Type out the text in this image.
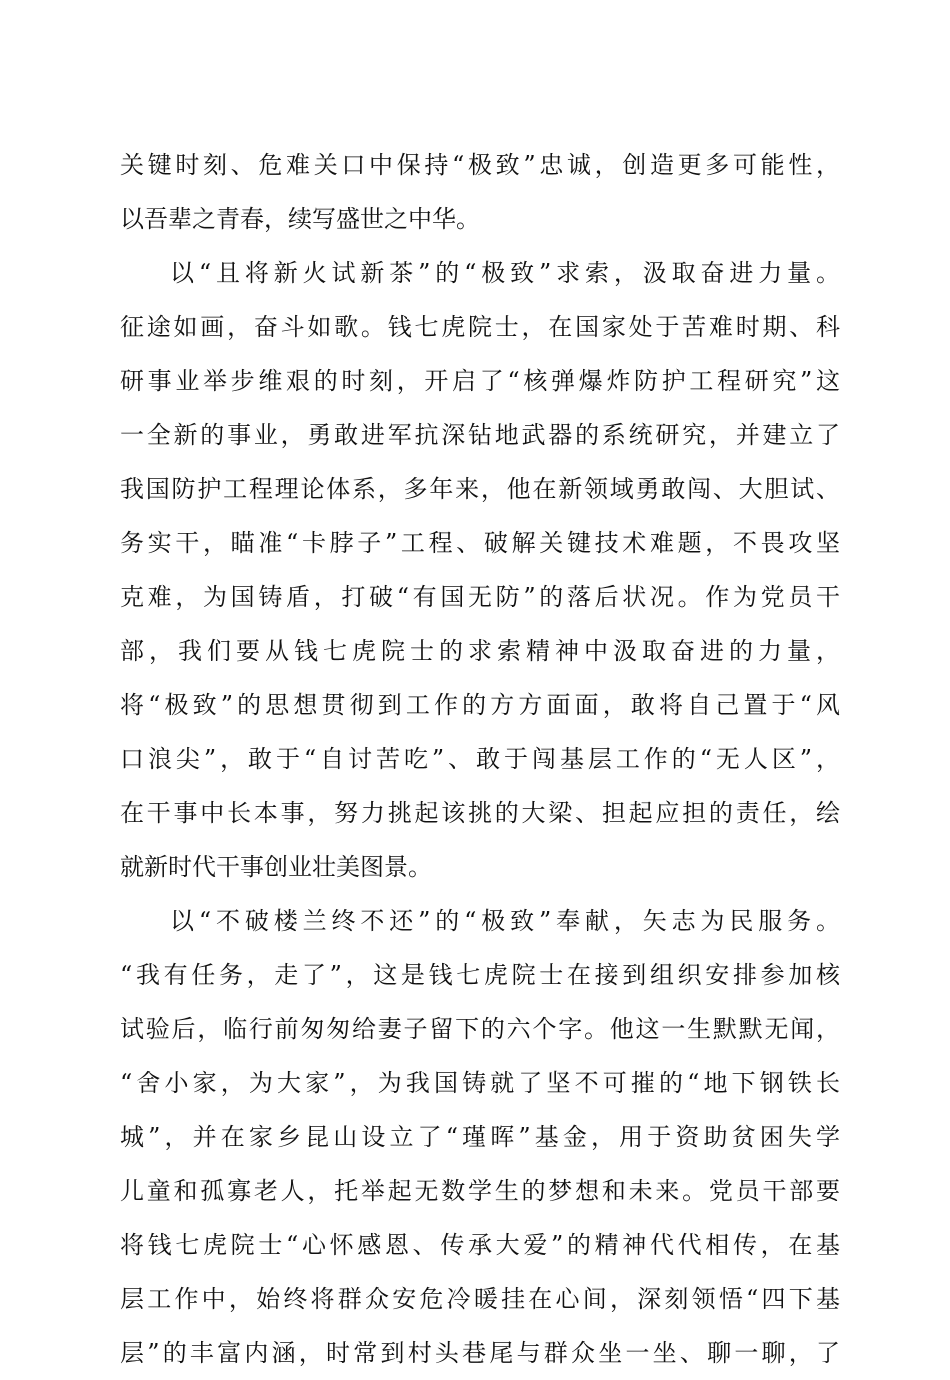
关键时刻、危难关口中保持“极致”忠诚，创造更多可能性，
以吾辈之青春，续写盛世之中华。
以“且将新火试新茶”的“极致”求索，汲取奋进力量。
征途如画，奋斗如歌。钱七虎院士，在国家处于苦难时期、科
研事业举步维艰的时刻，开启了“核弹爆炸防护工程研究”这
一全新的事业，勇敢进军抗深钻地武器的系统研究，并建立了
我国防护工程理论体系，多年来，他在新领域勇敢闯、大胆试、
务实干，瞄准“卡脖子”工程、破解关键技术难题，不畏攻坚
克难，为国铸盾，打破“有国无防”的落后状况。作为党员干
部，我们要从钱七虎院士的求索精神中汲取奋进的力量，
将“极致”的思想贯彻到工作的方方面面，敢将自己置于“风
口浪尖”，敢于“自讨苦吃”、敢于闯基层工作的“无人区”，
在干事中长本事，努力挑起该挑的大梁、担起应担的责任，绘
就新时代干事创业壮美图景。
以“不破楼兰终不还”的“极致”奉献，矢志为民服务。
“我有任务，走了”，这是钱七虎院士在接到组织安排参加核
试验后，临行前匆匆给妻子留下的六个字。他这一生默默无闻，
“舍小家，为大家”，为我国铸就了坚不可摧的“地下钢铁长
城”，并在家乡昆山设立了“瑾晖”基金，用于资助贫困失学
儿童和孤寡老人，托举起无数学生的梦想和未来。党员干部要
将钱七虎院士“心怀感恩、传承大爱”的精神代代相传，在基
层工作中，始终将群众安危冷暖挂在心间，深刻领悟“四下基
层”的丰富内涵，时常到村头巷尾与群众坐一坐、聊一聊，了
